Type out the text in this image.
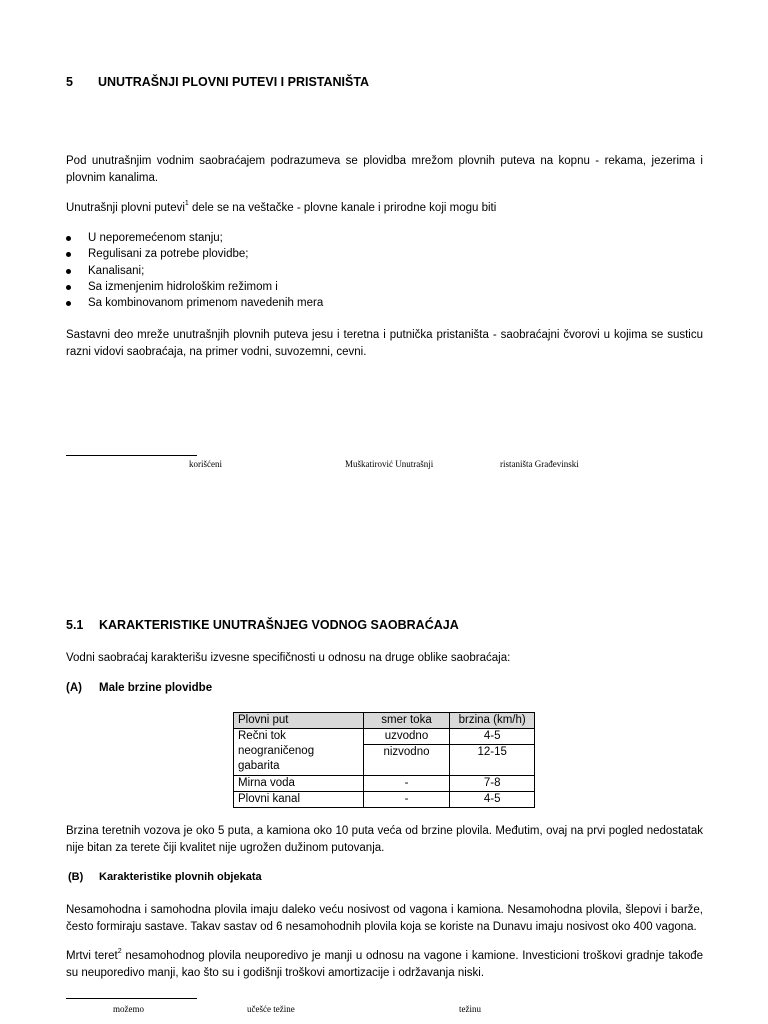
5 UNUTRAŠNJI PLOVNI PUTEVI I PRISTANIŠTA

Pod unutrašnjim vodnim saobraćajem podrazumeva se plovidba mrežom plovnih puteva na kopnu - rekama, jezerima i plovnim kanalima.

Unutrašnji plovni putevi$^1$ dele se na veštačke - plovne kanale i prirodne koji mogu biti

U neporemećenom stanju;
Regulisani za potrebe plovidbe;
Kanalisani;
Sa izmenjenim hidrološkim režimom i
Sa kombinovanom primenom navedenih mera

Sastavni deo mreže unutrašnjih plovnih puteva jesu i teretna i putnička pristaništa - saobraćajni čvorovi u kojima se susticu razni vidovi saobraćaja, na primer vodni, suvozemni, cevni.

korišćeni	Muškatirović Unutrašnji	ristaništa Građevinski
5.1 KARAKTERISTIKE UNUTRAŠNJEG VODNOG SAOBRAĆAJA

Vodni saobraćaj karakterišu izvesne specifičnosti u odnosu na druge oblike saobraćaja:

(A) Male brzine plovidbe
Plovni put	smer toka	brzina (km/h)
Rečni tok neograničenog gabarita	uzvodno	4-5
	nizvodno	12-15
Mirna voda	-	7-8
Plovni kanal	-	4-5

Brzina teretnih vozova je oko 5 puta, a kamiona oko 10 puta veća od brzine plovila. Međutim, ovaj na prvi pogled nedostatak nije bitan za terete čiji kvalitet nije ugrožen dužinom putovanja.

(B) Karakteristike plovnih objekata

Nesamohodna i samohodna plovila imaju daleko veću nosivost od vagona i kamiona. Nesamohodna plovila, šlepovi i barže, često formiraju sastave. Takav sastav od 6 nesamohodnih plovila koja se koriste na Dunavu imaju nosivost oko 400 vagona.

Mrtvi teret$^2$ nesamohodnog plovila neuporedivo je manji u odnosu na vagone i kamione. Investicioni troškovi gradnje takođe su neuporedivo manji, kao što su i godišnji troškovi amortizacije i održavanja niski.

možemo	učešće težine	težinu
